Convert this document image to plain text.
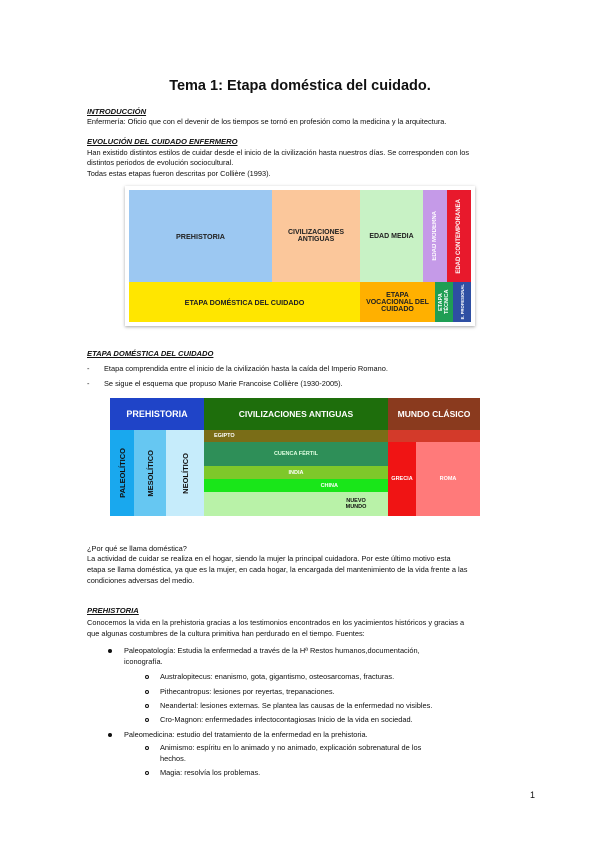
Tema 1: Etapa doméstica del cuidado.
INTRODUCCIÓN
Enfermería: Oficio que con el devenir de los tiempos se tornó en profesión como la medicina y la arquitectura.
EVOLUCIÓN DEL CUIDADO ENFERMERO
Han existido distintos estilos de cuidar desde el inicio de la civilización hasta nuestros días. Se corresponden con los
distintos periodos de evolución sociocultural.
Todas estas etapas fueron descritas por Collière (1993).
PREHISTORIA	CIVILIZACIONES ANTIGUAS	EDAD MEDIA	EDAD MODERNA	EDAD CONTEMPORÁNEA
ETAPA DOMÉSTICA DEL CUIDADO
ETAPA VOCACIONAL DEL CUIDADO	ETAPA TÉCNICA E. PROFESIONAL
ETAPA DOMÉSTICA DEL CUIDADO
- Etapa comprendida entre el inicio de la civilización hasta la caída del Imperio Romano.
- Se sigue el esquema que propuso Marie Francoise Collière (1930-2005).
PREHISTORIA	CIVILIZACIONES ANTIGUAS	MUNDO CLÁSICO
PALEOLÍTICO	MESOLÍTICO	NEOLÍTICO
EGIPTO
CUENCA FÉRTIL
INDIA
CHINA
NUEVO MUNDO
GRECIA	ROMA
¿Por qué se llama doméstica?
La actividad de cuidar se realiza en el hogar, siendo la mujer la principal cuidadora. Por este último motivo esta
etapa se llama doméstica, ya que es la mujer, en cada hogar, la encargada del mantenimiento de la vida frente a las
condiciones adversas del medio.
PREHISTORIA
Conocemos la vida en la prehistoria gracias a los testimonios encontrados en los yacimientos históricos y gracias a
que algunas costumbres de la cultura primitiva han perdurado en el tiempo. Fuentes:
Paleopatología: Estudia la enfermedad a través de la Hª Restos humanos,documentación,
iconografía.
Australopitecus: enanismo, gota, gigantismo, osteosarcomas, fracturas.
Pithecantropus: lesiones por reyertas, trepanaciones.
Neandertal: lesiones externas. Se plantea las causas de la enfermedad no visibles.
Cro-Magnon: enfermedades infectocontagiosas Inicio de la vida en sociedad.
Paleomedicina: estudio del tratamiento de la enfermedad en la prehistoria.
Animismo: espíritu en lo animado y no animado, explicación sobrenatural de los
hechos.
Magia: resolvía los problemas.
1
